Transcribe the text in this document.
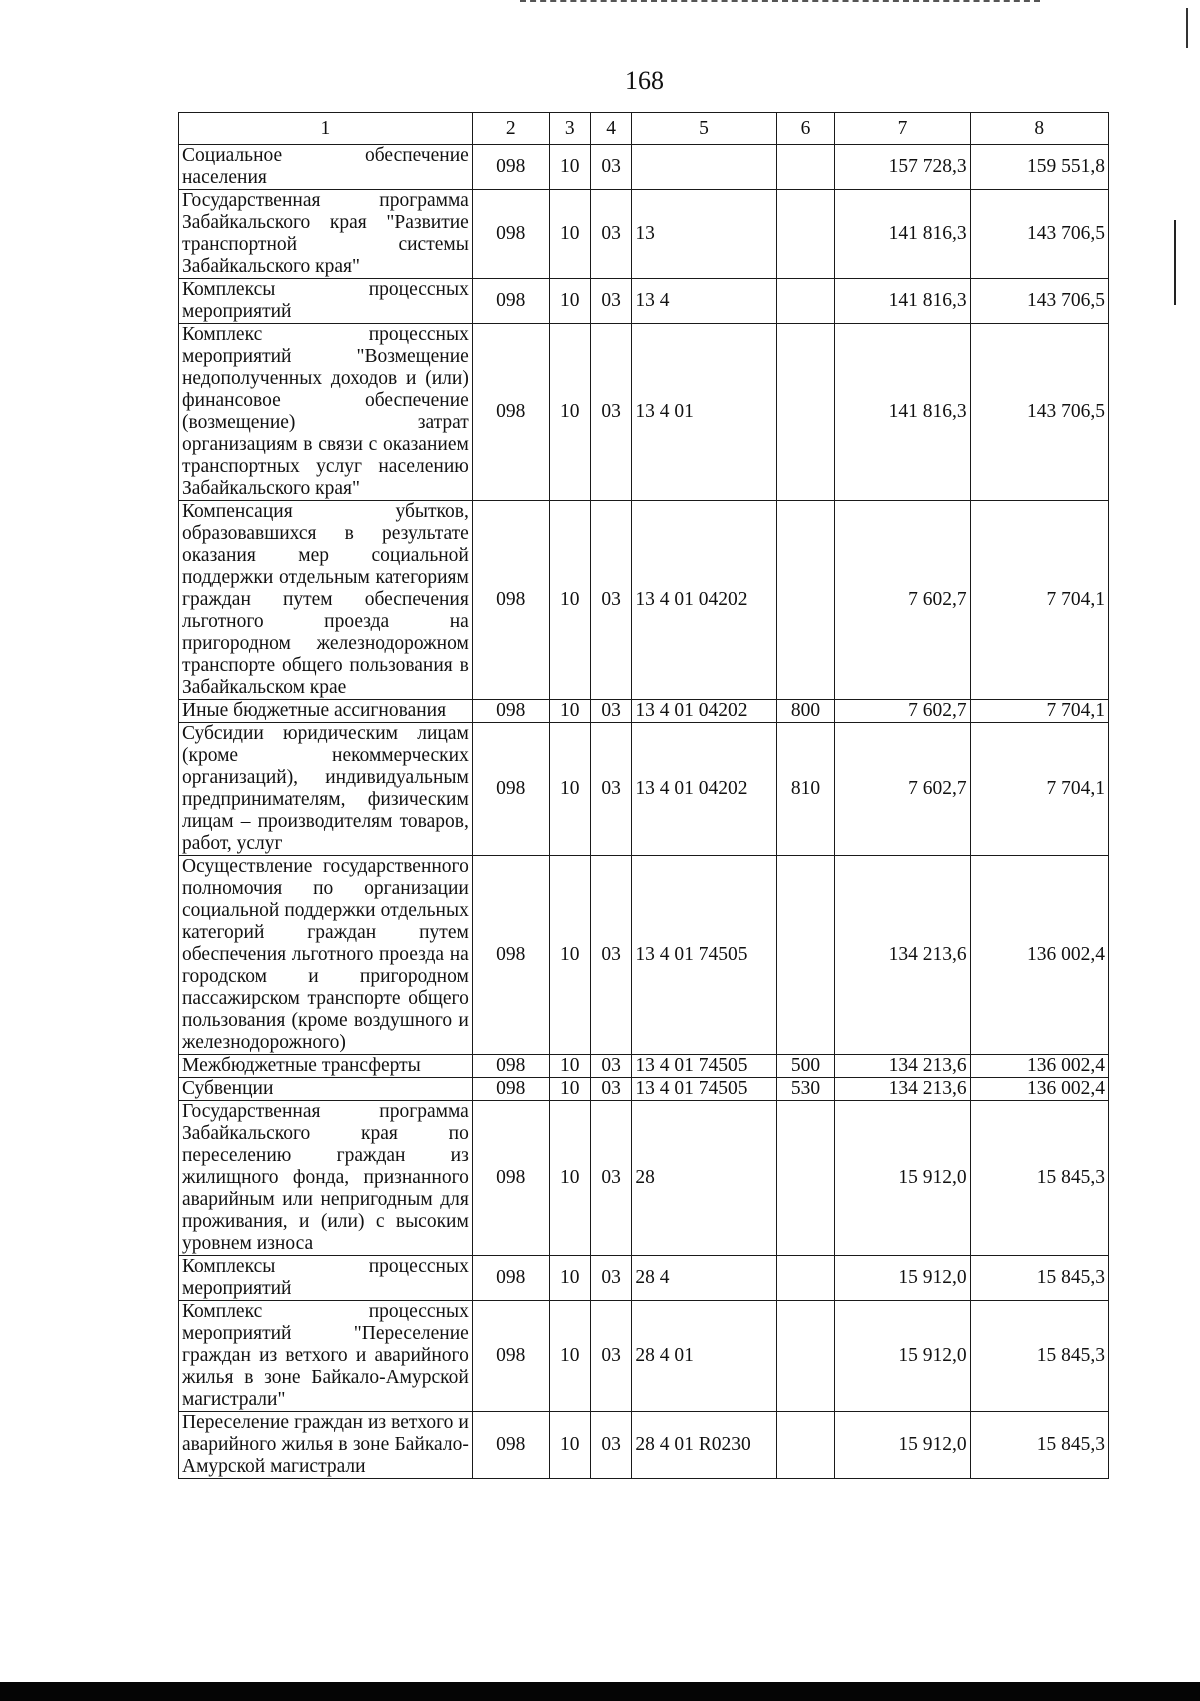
168
1	2	3	4	5	6	7	8
Социальное обеспечение населения	098	10	03			157 728,3	159 551,8
Государственная программа Забайкальского края "Развитие транспортной системы Забайкальского края"	098	10	03	13		141 816,3	143 706,5
Комплексы процессных мероприятий	098	10	03	13 4		141 816,3	143 706,5
Комплекс процессных мероприятий "Возмещение недополученных доходов и (или) финансовое обеспечение (возмещение) затрат организациям в связи с оказанием транспортных услуг населению Забайкальского края"	098	10	03	13 4 01		141 816,3	143 706,5
Компенсация убытков, образовавшихся в результате оказания мер социальной поддержки отдельным категориям граждан путем обеспечения льготного проезда на пригородном железнодорожном транспорте общего пользования в Забайкальском крае	098	10	03	13 4 01 04202		7 602,7	7 704,1
Иные бюджетные ассигнования	098	10	03	13 4 01 04202	800	7 602,7	7 704,1
Субсидии юридическим лицам (кроме некоммерческих организаций), индивидуальным предпринимателям, физическим лицам – производителям товаров, работ, услуг	098	10	03	13 4 01 04202	810	7 602,7	7 704,1
Осуществление государственного полномочия по организации социальной поддержки отдельных категорий граждан путем обеспечения льготного проезда на городском и пригородном пассажирском транспорте общего пользования (кроме воздушного и железнодорожного)	098	10	03	13 4 01 74505		134 213,6	136 002,4
Межбюджетные трансферты	098	10	03	13 4 01 74505	500	134 213,6	136 002,4
Субвенции	098	10	03	13 4 01 74505	530	134 213,6	136 002,4
Государственная программа Забайкальского края по переселению граждан из жилищного фонда, признанного аварийным или непригодным для проживания, и (или) с высоким уровнем износа	098	10	03	28		15 912,0	15 845,3
Комплексы процессных мероприятий	098	10	03	28 4		15 912,0	15 845,3
Комплекс процессных мероприятий "Переселение граждан из ветхого и аварийного жилья в зоне Байкало-Амурской магистрали"	098	10	03	28 4 01		15 912,0	15 845,3
Переселение граждан из ветхого и аварийного жилья в зоне Байкало-Амурской магистрали	098	10	03	28 4 01 R0230		15 912,0	15 845,3
